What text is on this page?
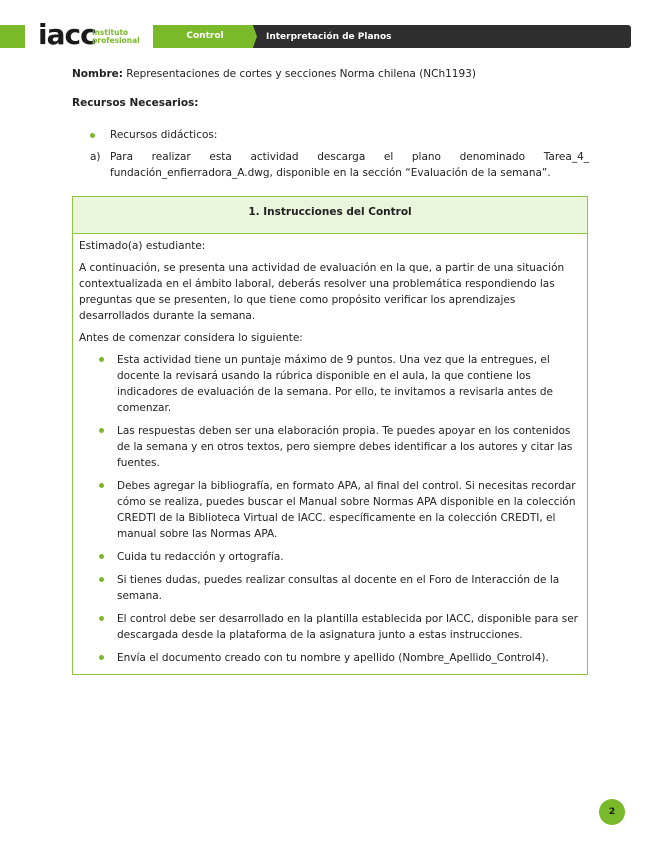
iacc
instituto
profesional	Control	Interpretación de Planos
Nombre: Representaciones de cortes y secciones Norma chilena (NCh1193)
Recursos Necesarios:
Recursos didácticos:
a) Para realizar esta actividad descarga el plano denominado Tarea_4_
fundación_enfierradora_A.dwg, disponible en la sección “Evaluación de la semana”.
1. Instrucciones del Control

Estimado(a) estudiante:

A continuación, se presenta una actividad de evaluación en la que, a partir de una situación contextualizada en el ámbito laboral, deberás resolver una problemática respondiendo las preguntas que se presenten, lo que tiene como propósito verificar los aprendizajes desarrollados durante la semana.

Antes de comenzar considera lo siguiente:

Esta actividad tiene un puntaje máximo de 9 puntos. Una vez que la entregues, el docente la revisará usando la rúbrica disponible en el aula, la que contiene los indicadores de evaluación de la semana. Por ello, te invitamos a revisarla antes de comenzar.
Las respuestas deben ser una elaboración propia. Te puedes apoyar en los contenidos de la semana y en otros textos, pero siempre debes identificar a los autores y citar las fuentes.
Debes agregar la bibliografía, en formato APA, al final del control. Si necesitas recordar cómo se realiza, puedes buscar el Manual sobre Normas APA disponible en la colección CREDTI de la Biblioteca Virtual de IACC. específicamente en la colección CREDTI, el manual sobre las Normas APA.
Cuida tu redacción y ortografía.
Si tienes dudas, puedes realizar consultas al docente en el Foro de Interacción de la semana.
El control debe ser desarrollado en la plantilla establecida por IACC, disponible para ser descargada desde la plataforma de la asignatura junto a estas instrucciones.
Envía el documento creado con tu nombre y apellido (Nombre_Apellido_Control4).
2
